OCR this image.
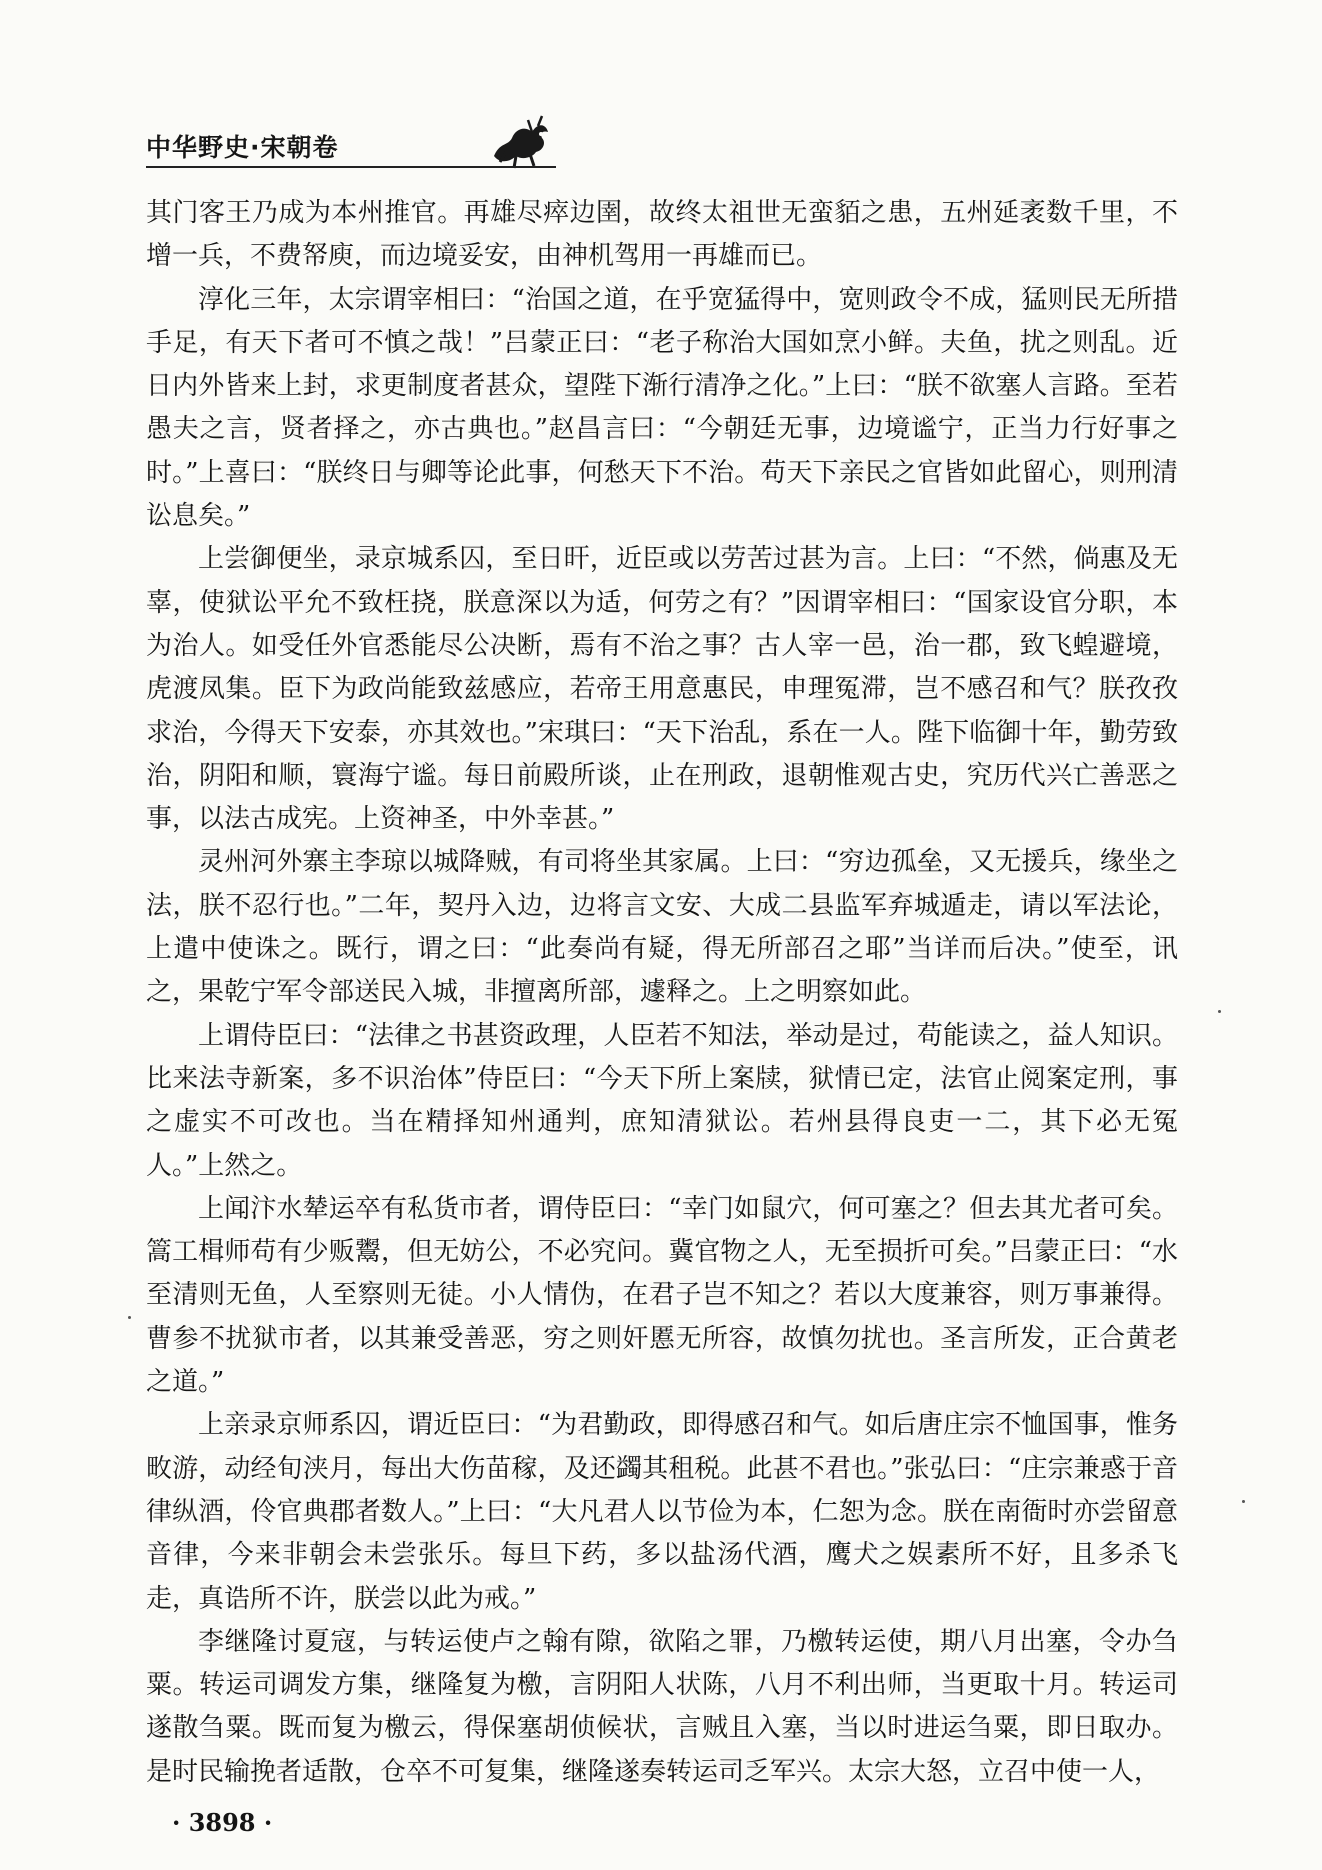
中华野史·宋朝卷

其门客王乃成为本州推官。再雄尽瘁边圉，故终太祖世无蛮貊之患，五州延袤数千里，不增一兵，不费帑庾，而边境妥安，由神机驾用一再雄而已。

淳化三年，太宗谓宰相曰：“治国之道，在乎宽猛得中，宽则政令不成，猛则民无所措手足，有天下者可不慎之哉！”吕蒙正曰：“老子称治大国如烹小鲜。夫鱼，扰之则乱。近日内外皆来上封，求更制度者甚众，望陛下渐行清净之化。”上曰：“朕不欲塞人言路。至若愚夫之言，贤者择之，亦古典也。”赵昌言曰：“今朝廷无事，边境谧宁，正当力行好事之时。”上喜曰：“朕终日与卿等论此事，何愁天下不治。苟天下亲民之官皆如此留心，则刑清讼息矣。”

上尝御便坐，录京城系囚，至日旰，近臣或以劳苦过甚为言。上曰：“不然，倘惠及无辜，使狱讼平允不致枉挠，朕意深以为适，何劳之有？”因谓宰相曰：“国家设官分职，本为治人。如受任外官悉能尽公决断，焉有不治之事？古人宰一邑，治一郡，致飞蝗避境，虎渡凤集。臣下为政尚能致兹感应，若帝王用意惠民，申理冤滞，岂不感召和气？朕孜孜求治，今得天下安泰，亦其效也。”宋琪曰：“天下治乱，系在一人。陛下临御十年，勤劳致治，阴阳和顺，寰海宁谧。每日前殿所谈，止在刑政，退朝惟观古史，究历代兴亡善恶之事，以法古成宪。上资神圣，中外幸甚。”

灵州河外寨主李琼以城降贼，有司将坐其家属。上曰：“穷边孤垒，又无援兵，缘坐之法，朕不忍行也。”二年，契丹入边，边将言文安、大成二县监军弃城遁走，请以军法论，上遣中使诛之。既行，谓之曰：“此奏尚有疑，得无所部召之耶”当详而后决。”使至，讯之，果乾宁军令部送民入城，非擅离所部，遽释之。上之明察如此。

上谓侍臣曰：“法律之书甚资政理，人臣若不知法，举动是过，苟能读之，益人知识。比来法寺新案，多不识治体”侍臣曰：“今天下所上案牍，狱情已定，法官止阅案定刑，事之虚实不可改也。当在精择知州通判，庶知清狱讼。若州县得良吏一二，其下必无冤人。”上然之。

上闻汴水辇运卒有私货市者，谓侍臣曰：“幸门如鼠穴，何可塞之？但去其尤者可矣。篙工楫师苟有少贩鬻，但无妨公，不必究问。冀官物之人，无至损折可矣。”吕蒙正曰：“水至清则无鱼，人至察则无徒。小人情伪，在君子岂不知之？若以大度兼容，则万事兼得。曹参不扰狱市者，以其兼受善恶，穷之则奸慝无所容，故慎勿扰也。圣言所发，正合黄老之道。”

上亲录京师系囚，谓近臣曰：“为君勤政，即得感召和气。如后唐庄宗不恤国事，惟务畋游，动经旬浃月，每出大伤苗稼，及还蠲其租税。此甚不君也。”张弘曰：“庄宗兼惑于音律纵酒，伶官典郡者数人。”上曰：“大凡君人以节俭为本，仁恕为念。朕在南衙时亦尝留意音律，今来非朝会未尝张乐。每旦下药，多以盐汤代酒，鹰犬之娱素所不好，且多杀飞走，真诰所不许，朕尝以此为戒。”

李继隆讨夏寇，与转运使卢之翰有隙，欲陷之罪，乃檄转运使，期八月出塞，令办刍粟。转运司调发方集，继隆复为檄，言阴阳人状陈，八月不利出师，当更取十月。转运司遂散刍粟。既而复为檄云，得保塞胡侦候状，言贼且入塞，当以时进运刍粟，即日取办。是时民输挽者适散，仓卒不可复集，继隆遂奏转运司乏军兴。太宗大怒，立召中使一人，

· 3898 ·
